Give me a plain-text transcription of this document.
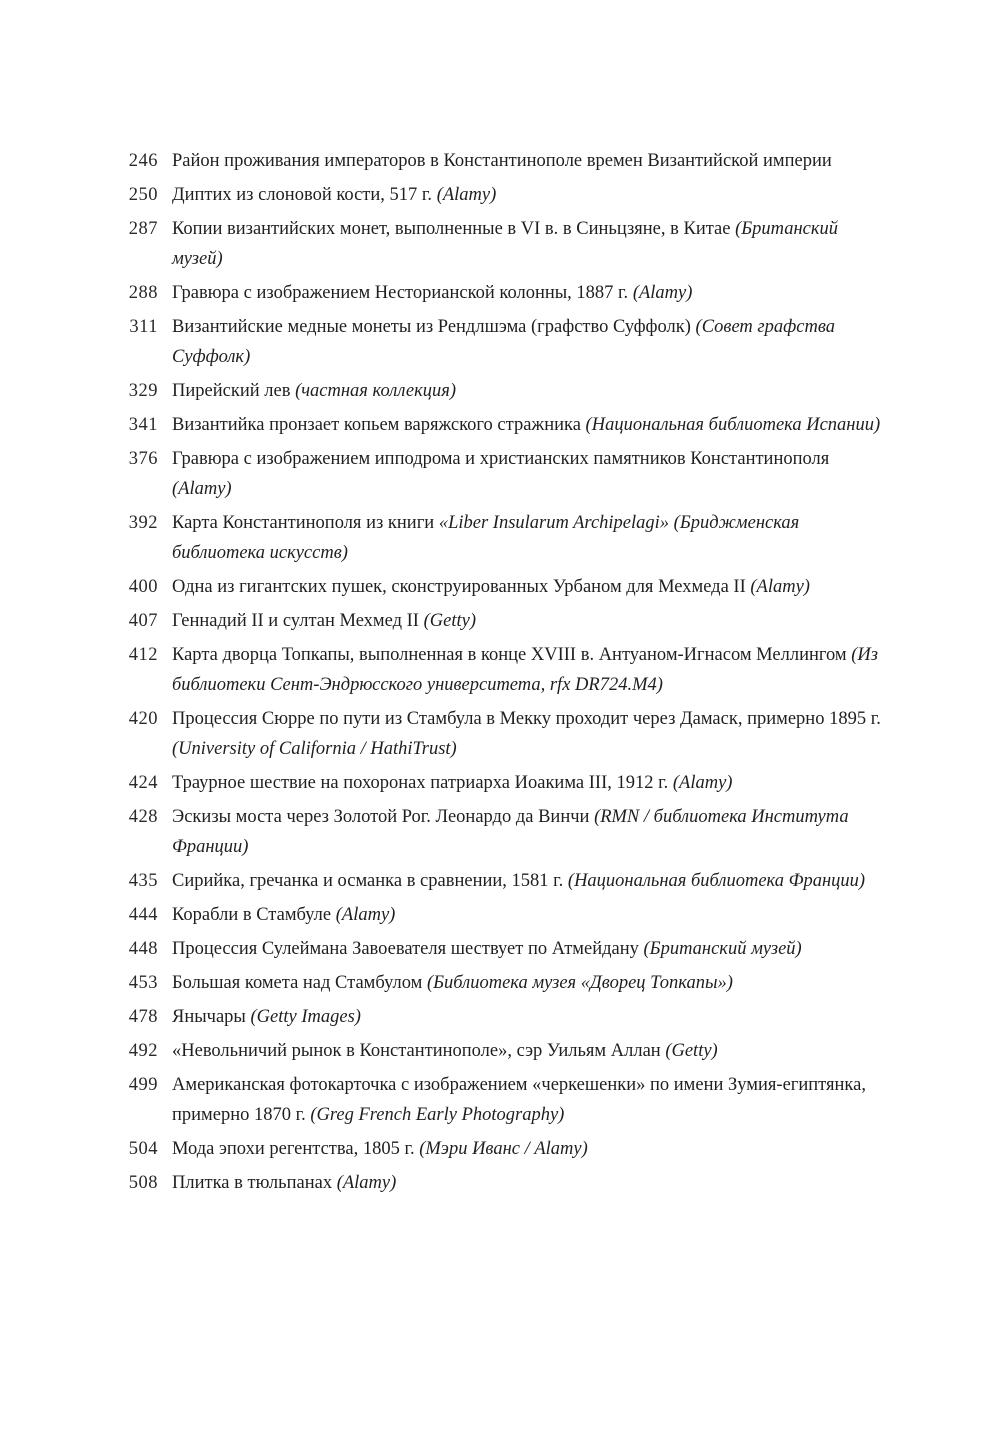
246 Район проживания императоров в Константинополе времен Византийской империи
250 Диптих из слоновой кости, 517 г. (Alamy)
287 Копии византийских монет, выполненные в VI в. в Синьцзяне, в Китае (Британский музей)
288 Гравюра с изображением Несторианской колонны, 1887 г. (Alamy)
311 Византийские медные монеты из Рендлшэма (графство Суффолк) (Совет графства Суффолк)
329 Пирейский лев (частная коллекция)
341 Византийка пронзает копьем варяжского стражника (Национальная библиотека Испании)
376 Гравюра с изображением ипподрома и христианских памятников Константинополя (Alamy)
392 Карта Константинополя из книги «Liber Insularum Archipelagi» (Бриджменская библиотека искусств)
400 Одна из гигантских пушек, сконструированных Урбаном для Мехмеда II (Alamy)
407 Геннадий II и султан Мехмед II (Getty)
412 Карта дворца Топкапы, выполненная в конце XVIII в. Антуаном-Игнасом Меллингом (Из библиотеки Сент-Эндрюсского университета, rfx DR724.M4)
420 Процессия Сюрре по пути из Стамбула в Мекку проходит через Дамаск, примерно 1895 г. (University of California / HathiTrust)
424 Траурное шествие на похоронах патриарха Иоакима III, 1912 г. (Alamy)
428 Эскизы моста через Золотой Рог. Леонардо да Винчи (RMN / библиотека Института Франции)
435 Сирийка, гречанка и османка в сравнении, 1581 г. (Национальная библиотека Франции)
444 Корабли в Стамбуле (Alamy)
448 Процессия Сулеймана Завоевателя шествует по Атмейдану (Британский музей)
453 Большая комета над Стамбулом (Библиотека музея «Дворец Топкапы»)
478 Янычары (Getty Images)
492 «Невольничий рынок в Константинополе», сэр Уильям Аллан (Getty)
499 Американская фотокарточка с изображением «черкешенки» по имени Зумия-египтянка, примерно 1870 г. (Greg French Early Photography)
504 Мода эпохи регентства, 1805 г. (Мэри Иванс / Alamy)
508 Плитка в тюльпанах (Alamy)
